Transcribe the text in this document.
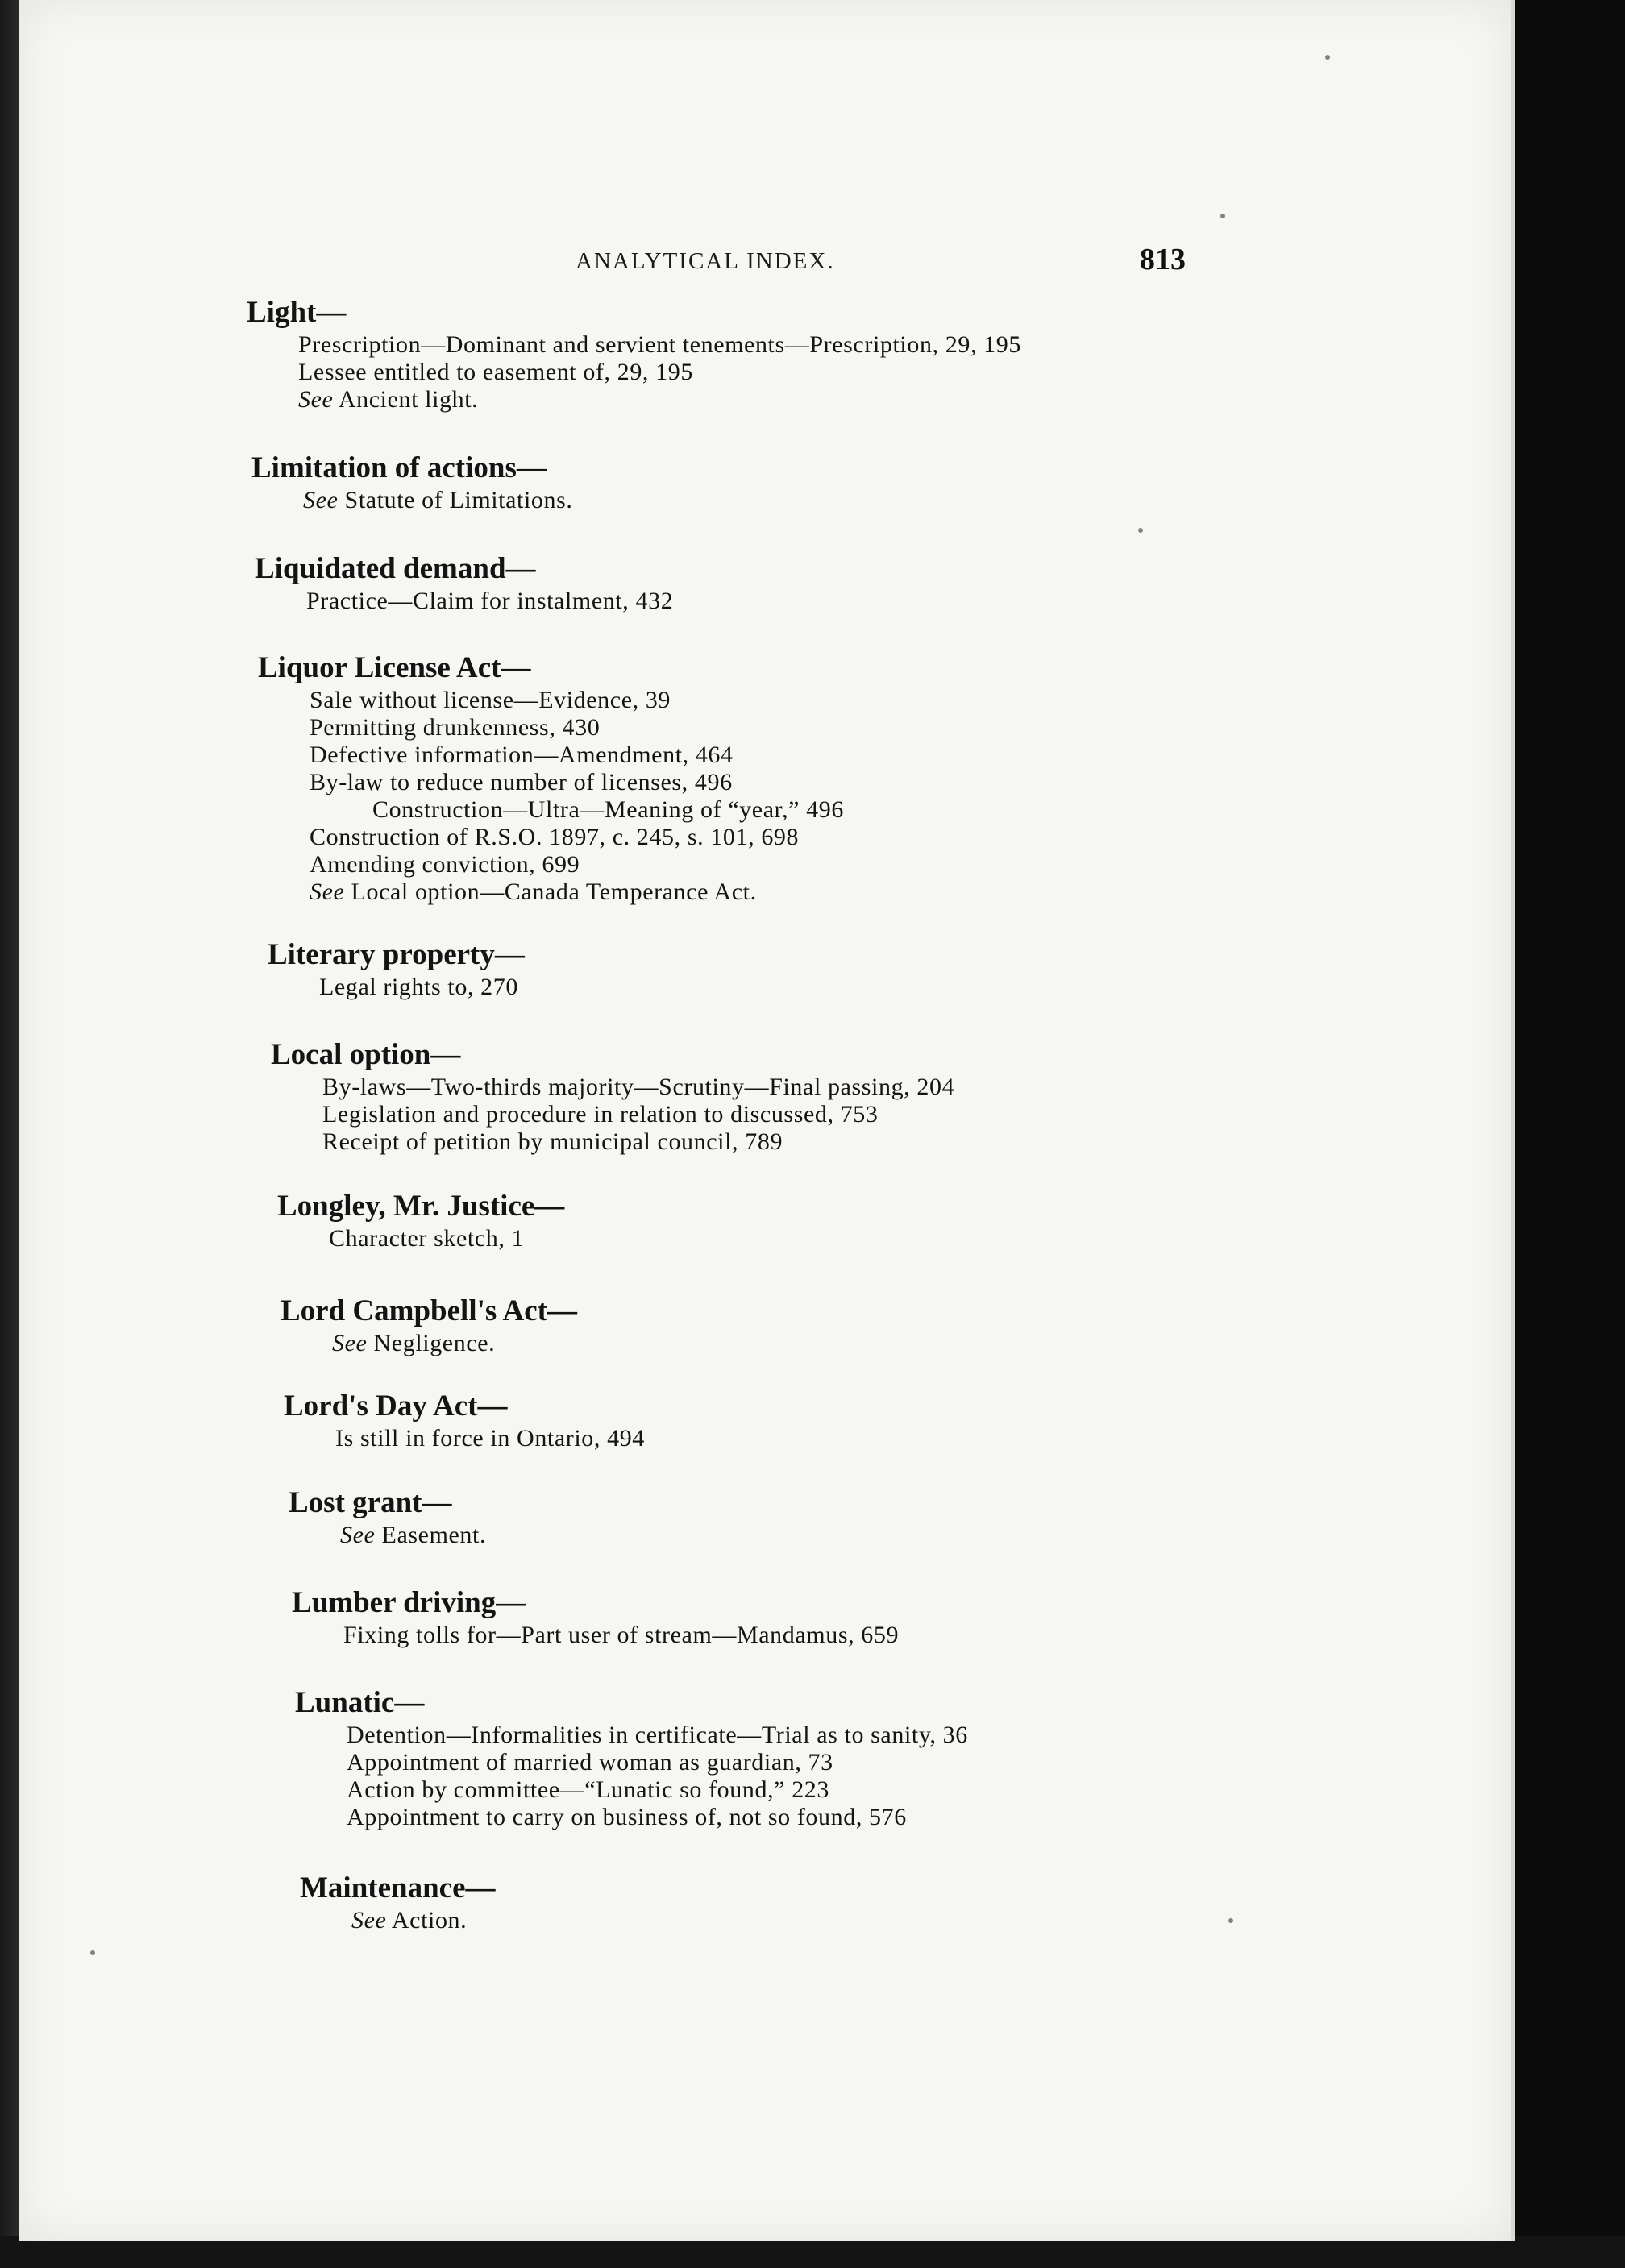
ANALYTICAL INDEX.	813
Light—
Prescription—Dominant and servient tenements—Prescription, 29, 195
Lessee entitled to easement of, 29, 195
See Ancient light.
Limitation of actions—
See Statute of Limitations.
Liquidated demand—
Practice—Claim for instalment, 432
Liquor License Act—
Sale without license—Evidence, 39
Permitting drunkenness, 430
Defective information—Amendment, 464
By-law to reduce number of licenses, 496
Construction—Ultra—Meaning of “year,” 496
Construction of R.S.O. 1897, c. 245, s. 101, 698
Amending conviction, 699
See Local option—Canada Temperance Act.
Literary property—
Legal rights to, 270
Local option—
By-laws—Two-thirds majority—Scrutiny—Final passing, 204
Legislation and procedure in relation to discussed, 753
Receipt of petition by municipal council, 789
Longley, Mr. Justice—
Character sketch, 1
Lord Campbell's Act—
See Negligence.
Lord's Day Act—
Is still in force in Ontario, 494
Lost grant—
See Easement.
Lumber driving—
Fixing tolls for—Part user of stream—Mandamus, 659
Lunatic—
Detention—Informalities in certificate—Trial as to sanity, 36
Appointment of married woman as guardian, 73
Action by committee—“Lunatic so found,” 223
Appointment to carry on business of, not so found, 576
Maintenance—
See Action.
